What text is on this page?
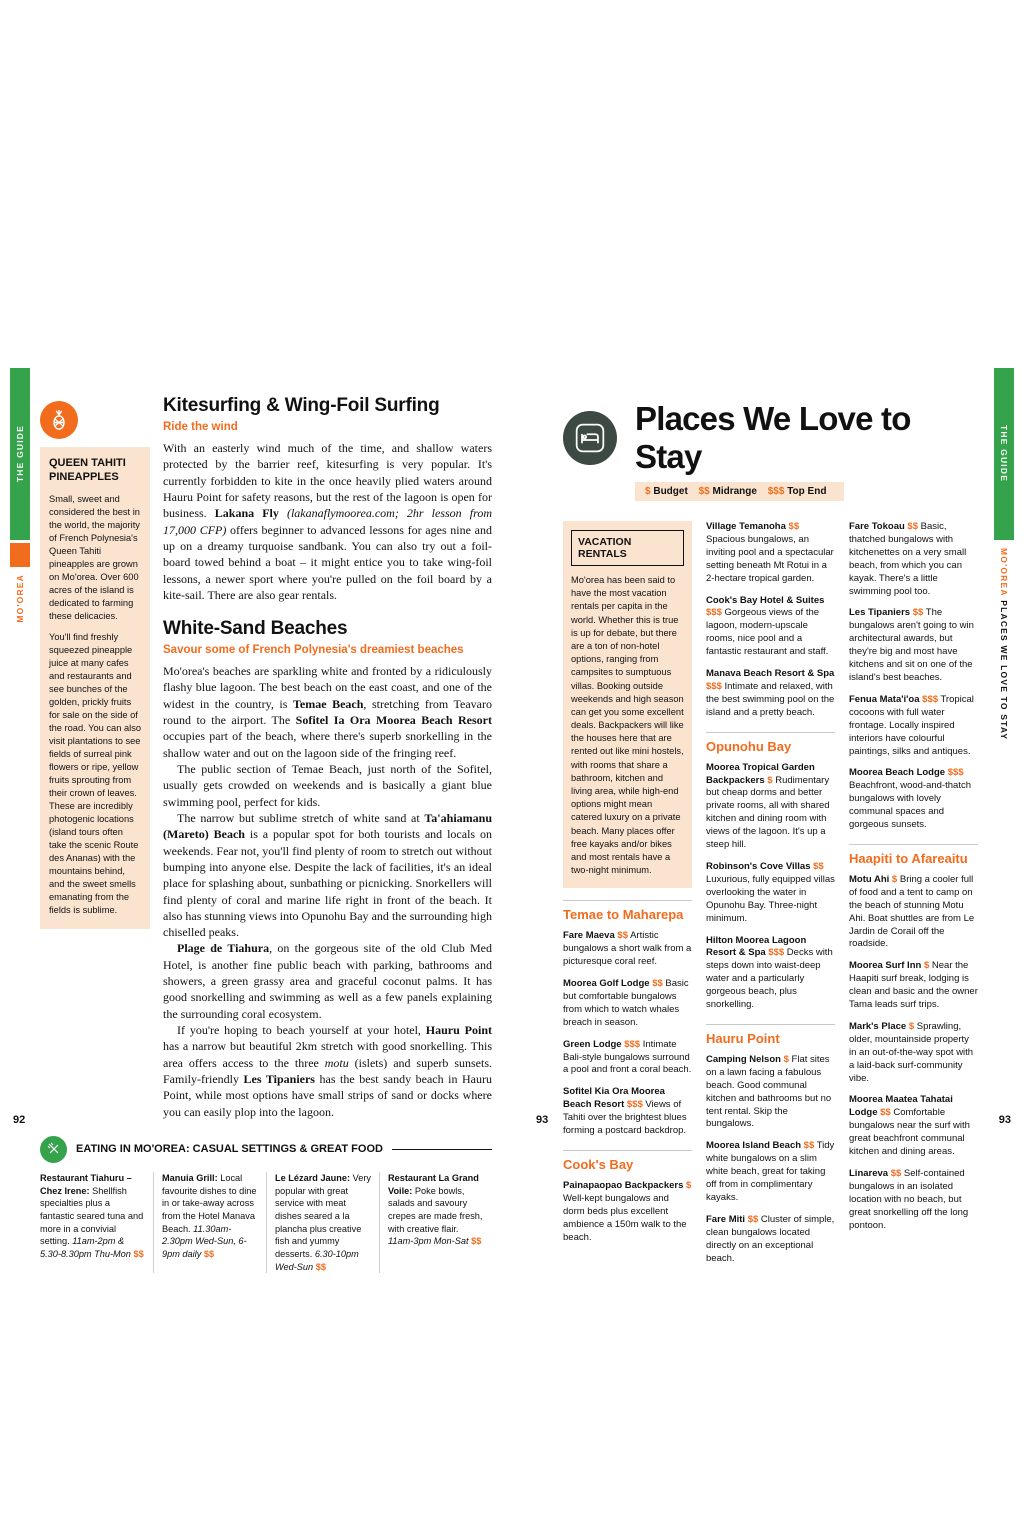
THE GUIDE
MO'OREA
THE GUIDE
MO'OREA PLACES WE LOVE TO STAY
QUEEN TAHITI PINEAPPLES

Small, sweet and considered the best in the world, the majority of French Polynesia's Queen Tahiti pineapples are grown on Mo'orea. Over 600 acres of the island is dedicated to farming these delicacies.

You'll find freshly squeezed pineapple juice at many cafes and restaurants and see bunches of the golden, prickly fruits for sale on the side of the road. You can also visit plantations to see fields of surreal pink flowers or ripe, yellow fruits sprouting from their crown of leaves. These are incredibly photogenic locations (island tours often take the scenic Route des Ananas) with the mountains behind, and the sweet smells emanating from the fields is sublime.

Kitesurfing & Wing-Foil Surfing
Ride the wind

With an easterly wind much of the time, and shallow waters protected by the barrier reef, kitesurfing is very popular. It's currently forbidden to kite in the once heavily plied waters around Hauru Point for safety reasons, but the rest of the lagoon is open for business. Lakana Fly (lakanaflymoorea.com; 2hr lesson from 17,000 CFP) offers beginner to advanced lessons for ages nine and up on a dreamy turquoise sandbank. You can also try out a foil-board towed behind a boat – it might entice you to take wing-foil lessons, a newer sport where you're pulled on the foil board by a kite-sail. There are also gear rentals.

White-Sand Beaches
Savour some of French Polynesia's dreamiest beaches

Mo'orea's beaches are sparkling white and fronted by a ridiculously flashy blue lagoon. The best beach on the east coast, and one of the widest in the country, is Temae Beach, stretching from Teavaro round to the airport. The Sofitel Ia Ora Moorea Beach Resort occupies part of the beach, where there's superb snorkelling in the shallow water and out on the lagoon side of the fringing reef.

The public section of Temae Beach, just north of the Sofitel, usually gets crowded on weekends and is basically a giant blue swimming pool, perfect for kids.

The narrow but sublime stretch of white sand at Ta'ahiamanu (Mareto) Beach is a popular spot for both tourists and locals on weekends. Fear not, you'll find plenty of room to stretch out without bumping into anyone else. Despite the lack of facilities, it's an ideal place for splashing about, sunbathing or picnicking. Snorkellers will find plenty of coral and marine life right in front of the beach. It also has stunning views into Opunohu Bay and the surrounding high chiselled peaks.

Plage de Tiahura, on the gorgeous site of the old Club Med Hotel, is another fine public beach with parking, bathrooms and showers, a green grassy area and graceful coconut palms. It has good snorkelling and swimming as well as a few panels explaining the surrounding coral ecosystem.

If you're hoping to beach yourself at your hotel, Hauru Point has a narrow but beautiful 2km stretch with good snorkelling. This area offers access to the three motu (islets) and superb sunsets. Family-friendly Les Tipaniers has the best sandy beach in Hauru Point, while most options have small strips of sand or docks where you can easily plop into the lagoon.

EATING IN MO'OREA: CASUAL SETTINGS & GREAT FOOD
Restaurant Tiahuru – Chez Irene: Shellfish specialties plus a fantastic seared tuna and more in a convivial setting. 11am-2pm & 5.30-8.30pm Thu-Mon $$
Manuia Grill: Local favourite dishes to dine in or take-away across from the Hotel Manava Beach. 11.30am-2.30pm Wed-Sun, 6-9pm daily $$
Le Lézard Jaune: Very popular with great service with meat dishes seared a la plancha plus creative fish and yummy desserts. 6.30-10pm Wed-Sun $$
Restaurant La Grand Voile: Poke bowls, salads and savoury crepes are made fresh, with creative flair. 11am-3pm Mon-Sat $$
Places We Love to Stay
$ Budget $$ Midrange $$$ Top End
VACATION RENTALS
Mo'orea has been said to have the most vacation rentals per capita in the world. Whether this is true is up for debate, but there are a ton of non-hotel options, ranging from campsites to sumptuous villas. Booking outside weekends and high season can get you some excellent deals. Backpackers will like the houses here that are rented out like mini hostels, with rooms that share a bathroom, kitchen and living area, while high-end options might mean catered luxury on a private beach. Many places offer free kayaks and/or bikes and most rentals have a two-night minimum.
Temae to Maharepa

Fare Maeva $$ Artistic bungalows a short walk from a picturesque coral reef.

Moorea Golf Lodge $$ Basic but comfortable bungalows from which to watch whales breach in season.

Green Lodge $$$ Intimate Bali-style bungalows surround a pool and front a coral beach.

Sofitel Kia Ora Moorea Beach Resort $$$ Views of Tahiti over the brightest blues forming a postcard backdrop.

Cook's Bay

Painapaopao Backpackers $ Well-kept bungalows and dorm beds plus excellent ambience a 150m walk to the beach.

Village Temanoha $$ Spacious bungalows, an inviting pool and a spectacular setting beneath Mt Rotui in a 2-hectare tropical garden.

Cook's Bay Hotel & Suites $$$ Gorgeous views of the lagoon, modern-upscale rooms, nice pool and a fantastic restaurant and staff.

Manava Beach Resort & Spa $$$ Intimate and relaxed, with the best swimming pool on the island and a pretty beach.

Opunohu Bay

Moorea Tropical Garden Backpackers $ Rudimentary but cheap dorms and better private rooms, all with shared kitchen and dining room with views of the lagoon. It's up a steep hill.

Robinson's Cove Villas $$ Luxurious, fully equipped villas overlooking the water in Opunohu Bay. Three-night minimum.

Hilton Moorea Lagoon Resort & Spa $$$ Decks with steps down into waist-deep water and a particularly gorgeous beach, plus snorkelling.

Hauru Point

Camping Nelson $ Flat sites on a lawn facing a fabulous beach. Good communal kitchen and bathrooms but no tent rental. Skip the bungalows.

Moorea Island Beach $$ Tidy white bungalows on a slim white beach, great for taking off from in complimentary kayaks.

Fare Miti $$ Cluster of simple, clean bungalows located directly on an exceptional beach.

Fare Tokoau $$ Basic, thatched bungalows with kitchenettes on a very small beach, from which you can kayak. There's a little swimming pool too.

Les Tipaniers $$ The bungalows aren't going to win architectural awards, but they're big and most have kitchens and sit on one of the island's best beaches.

Fenua Mata'i'oa $$$ Tropical cocoons with full water frontage. Locally inspired interiors have colourful paintings, silks and antiques.

Moorea Beach Lodge $$$ Beachfront, wood-and-thatch bungalows with lovely communal spaces and gorgeous sunsets.

Haapiti to Afareaitu

Motu Ahi $ Bring a cooler full of food and a tent to camp on the beach of stunning Motu Ahi. Boat shuttles are from Le Jardin de Corail off the roadside.

Moorea Surf Inn $ Near the Haapiti surf break, lodging is clean and basic and the owner Tama leads surf trips.

Mark's Place $ Sprawling, older, mountainside property in an out-of-the-way spot with a laid-back surf-community vibe.

Moorea Maatea Tahatai Lodge $$ Comfortable bungalows near the surf with great beachfront communal kitchen and dining areas.

Linareva $$ Self-contained bungalows in an isolated location with no beach, but great snorkelling off the long pontoon.

92	93	93
